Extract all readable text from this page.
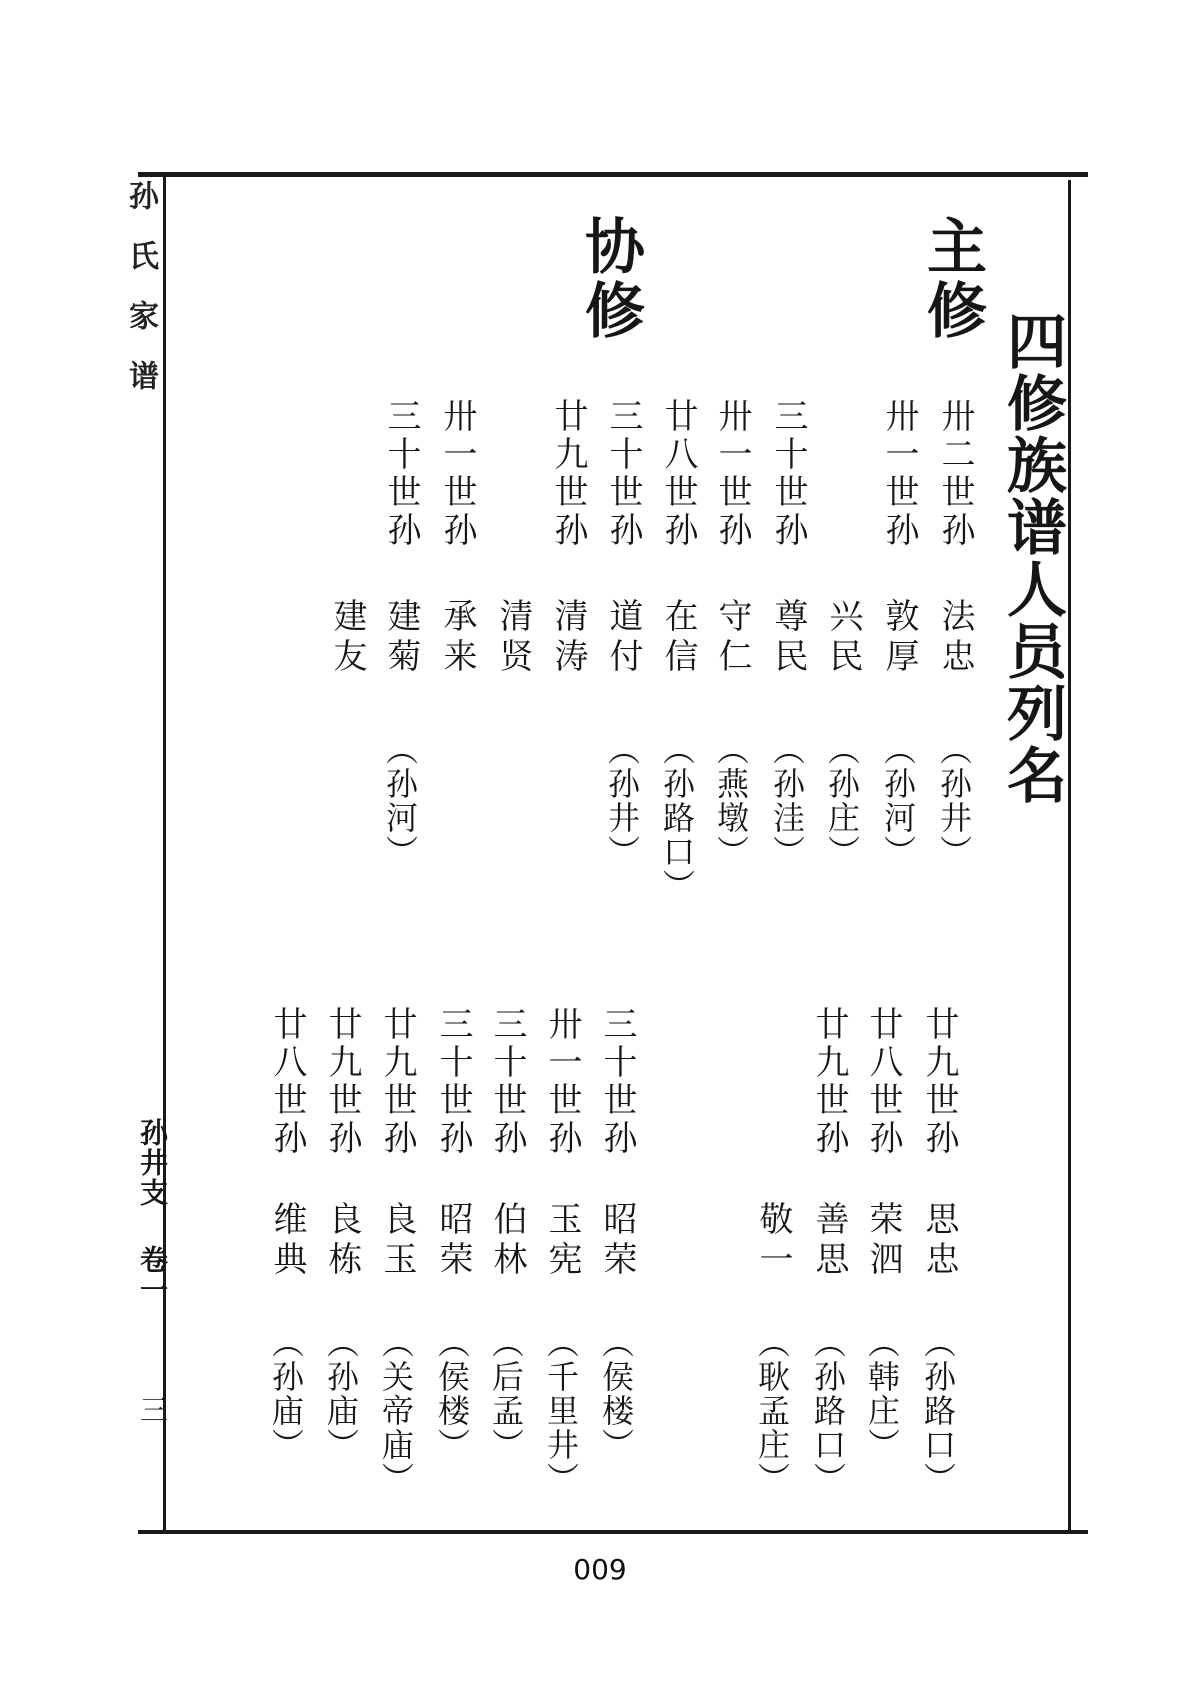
孙氏家谱
孙井支
卷一
三
四修族谱人员列名
主修
协修
卅二世孙
法忠
（孙井）
卅一世孙
敦厚
（孙河）
兴民
（孙庄）
三十世孙
尊民
（孙洼）
卅一世孙
守仁
（燕墩）
廿八世孙
在信
（孙路口）
三十世孙
道付
（孙井）
廿九世孙
清涛
清贤
卅一世孙
承来
三十世孙
建菊
（孙河）
建友
廿九世孙
思忠
（孙路口）
廿八世孙
荣泗
（韩庄）
廿九世孙
善思
（孙路口）
敬一
（耿孟庄）
三十世孙
昭荣
（侯楼）
卅一世孙
玉宪
（千里井）
三十世孙
伯林
（后孟）
三十世孙
昭荣
（侯楼）
廿九世孙
良玉
（关帝庙）
廿九世孙
良栋
（孙庙）
廿八世孙
维典
（孙庙）
009
